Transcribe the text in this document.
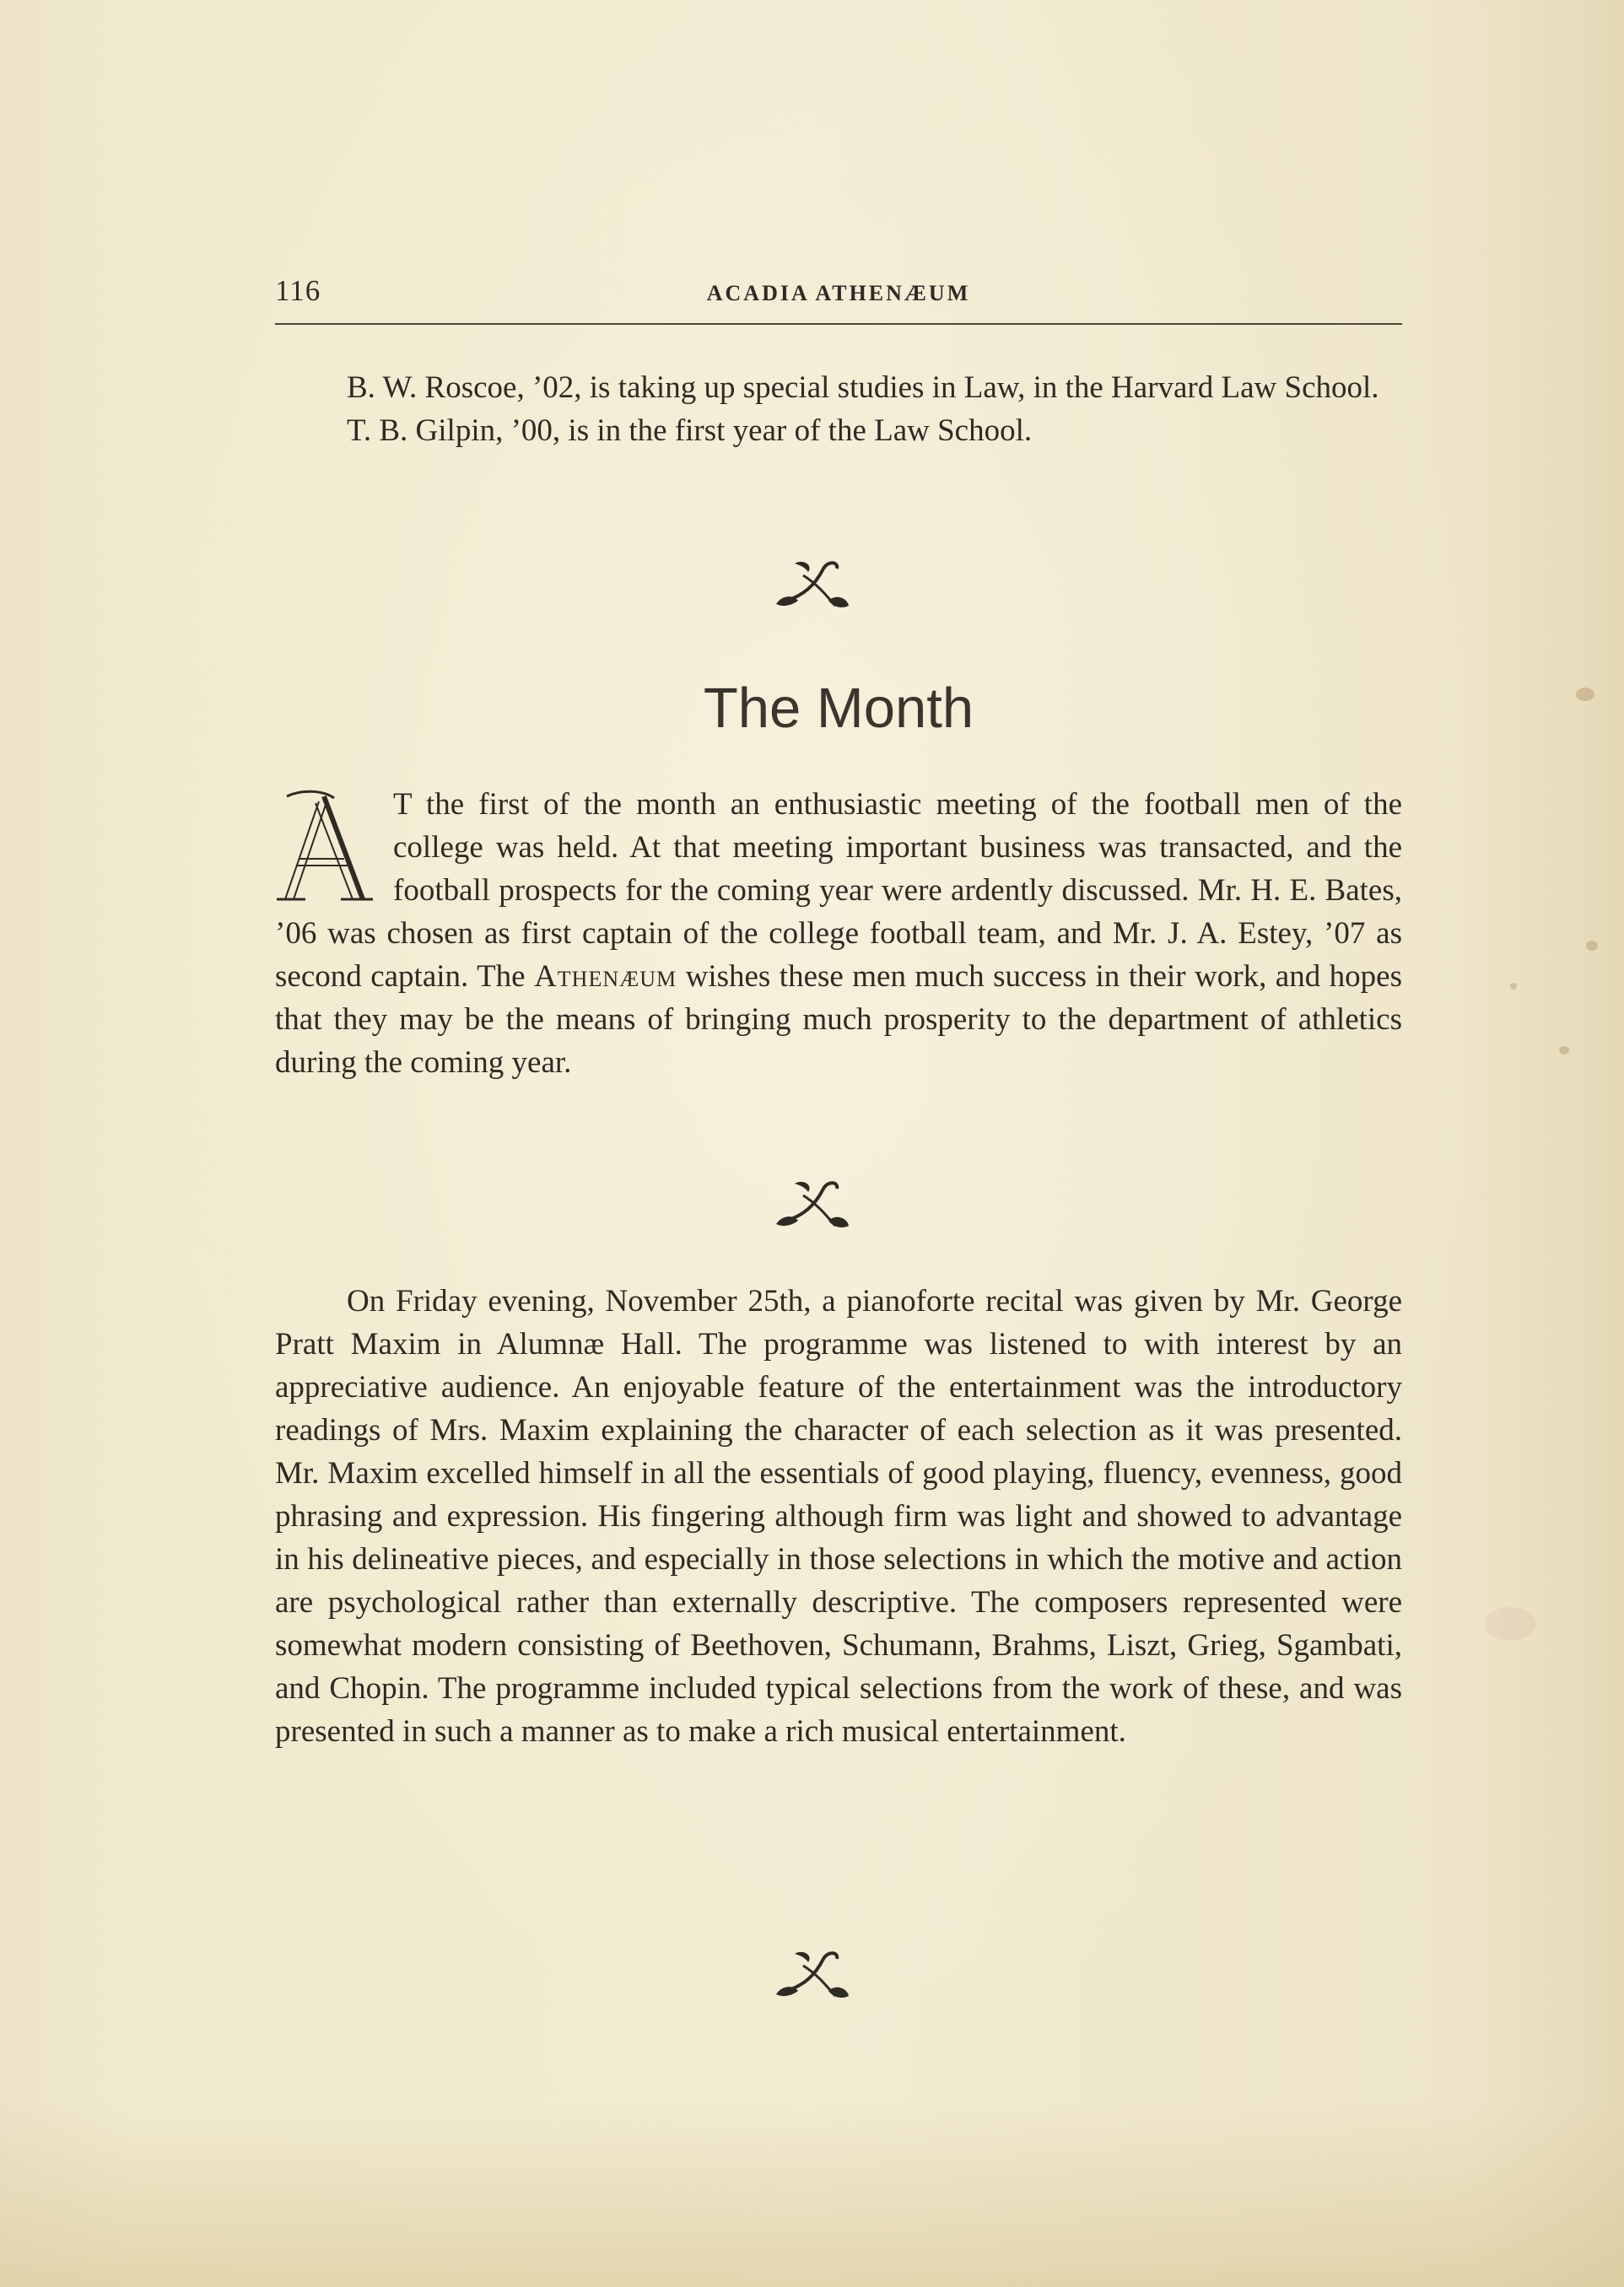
116	ACADIA ATHENÆUM

B. W. Roscoe, ’02, is taking up special studies in Law, in the Harvard Law School.

T. B. Gilpin, ’00, is in the first year of the Law School.

The Month

T the first of the month an enthusiastic meeting of the football men of the college was held. At that meeting important business was transacted, and the football prospects for the coming year were ardently discussed. Mr. H. E. Bates, ’06 was chosen as first captain of the college football team, and Mr. J. A. Estey, ’07 as second captain. The Athenæum wishes these men much success in their work, and hopes that they may be the means of bringing much prosperity to the department of athletics during the coming year.

On Friday evening, November 25th, a pianoforte recital was given by Mr. George Pratt Maxim in Alumnæ Hall. The programme was listened to with interest by an appreciative audience. An enjoyable feature of the entertainment was the introductory readings of Mrs. Maxim explaining the character of each selection as it was presented. Mr. Maxim excelled himself in all the essentials of good playing, fluency, evenness, good phrasing and expression. His fingering although firm was light and showed to advantage in his delineative pieces, and especially in those selections in which the motive and action are psychological rather than externally descriptive. The composers represented were somewhat modern consisting of Beethoven, Schumann, Brahms, Liszt, Grieg, Sgambati, and Chopin. The programme included typical selections from the work of these, and was presented in such a manner as to make a rich musical entertainment.
